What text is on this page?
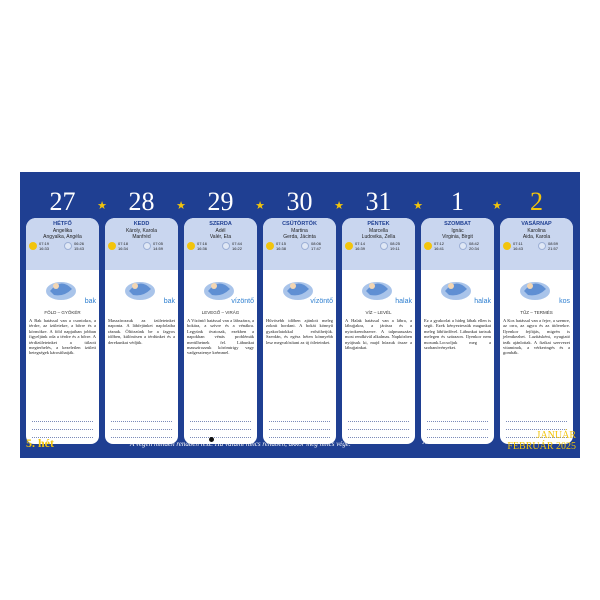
27	★
HÉTFŐ
Angelika
Angyalka, Angéla
07:19
16:33
06:26
15:43
bak
FÖLD – GYÖKÉR
A Bak hatással van a csontokra, a térdre, az ízületekre, a bőrre és a körmökre. A föld napjaiban jobban figyeljünk oda a térdre és a bőrre. A térdízületeinket a túlzott megterhelés, a kezeletlen ízületi betegségek károsíthatják.
28	★
KEDD
Károly, Karola
Manfréd
07:18
16:34
07:05
14:59
bak
Masszírozzuk az ízületeinket naponta. A lábfejünket napfolatba ráznak. Öltözzünk be a fagyos időben, különösen a térdünket és a derekunkat védjük.
29	★
SZERDA
Adél
Valér, Eta
07:16
16:36
07:44
16:22
vízöntő
LEVEGŐ – VIRÁG
A Vízöntő hatással van a lábszárra, a bokára, a szívre és a vénákra. Legyünk óvatosak, ezekben a napokban vénás problémák merülhetnek fel. Lábunkat masszírozzuk körömtrigy vagy vadgesztenye krémmel.
ÚJHOLD
30	★
CSÜTÖRTÖK
Martina
Gerda, Jácinta
07:15
16:38
08:06
17:47
vízöntő
Hűvösebb időben ajánlott meleg zoknit hordani. A bokát könnyű gyakorlatokkal erősíthetjük. Szerdán, és egész héten könnyebb lesz megvalósítani az új ötleteinket.
31	★
PÉNTEK
Marcella
Ludovika, Zella
07:14
16:39
08:25
19:11
halak
VÍZ – LEVÉL
A Halak hatással van a lábra, a lábujjakra, a járásra és a nyirokrendszerre. A talpmasszázs most rendkívül alkalmas. Napközben nyújtsuk ki, majd húzzuk össze a lábujjainkat.
1	★
SZOMBAT
Ignác
Virginia, Birgit
07:12
16:41
08:42
20:34
halak
Ez a gyakorlat a hideg lábak ellen is segít. Ezek kényeztessük magunkat meleg lábfürdővel. Lábunkat tartsuk melegen és szárazon. Ilyenkor nem mosunk.Locsoljuk meg a szobanövényeket.
2
VASÁRNAP
Karolina
Aida, Karola
07:11
16:43
08:59
21:57
kos
TŰZ – TERMÉS
A Kos hatással van a fejre, a szemre, az orra, az agyra és az ütőerekre. Ilyenkor fejfájás, migrén is jelentkezhet. Lazításként, nyugtató teák ajánlottak. A fizikai szervezet vitaminok, a vérkeringés és a gombák.
5. hét	A végén minden rendben lesz. Ha valami nincs rendben, akkor még nincs vége.	John Lennon
JANUÁR
FEBRUÁR 2025
